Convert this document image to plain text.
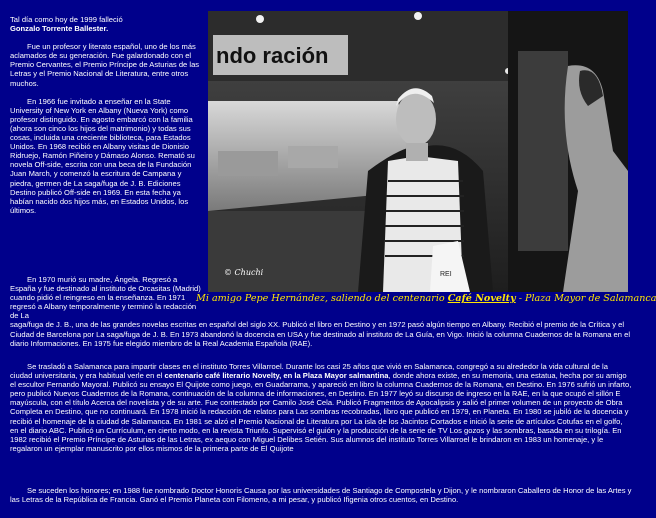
Tal día como hoy de 1999 falleció
Gonzalo Torrente Ballester.

Fue un profesor y literato español, uno de los más aclamados de su generación. Fue galardonado con el Premio Cervantes, el Premio Príncipe de Asturias de las Letras y el Premio Nacional de Literatura, entre otros muchos.

En 1966 fue invitado a enseñar en la State University of New York en Albany (Nueva York) como profesor distinguido. En agosto embarcó con la familia (ahora son cinco los hijos del matrimonio) y todas sus cosas, incluida una creciente biblioteca, para Estados Unidos. En 1968 recibió en Albany visitas de Dionisio Ridruejo, Ramón Piñeiro y Dámaso Alonso. Remató su novela Off-side, escrita con una beca de la Fundación Juan March, y comenzó la escritura de Campana y piedra, germen de La saga/fuga de J. B. Ediciones Destino publicó Off-side en 1969. En esta fecha ya habían nacido dos hijos más, en Estados Unidos, los últimos.

ndo ración
REI
© Chuchi
Mi amigo Pepe Hernández, saliendo del centenario Café Novelty - Plaza Mayor de Salamanca

En 1970 murió su madre, Ángela. Regresó a España y fue destinado al instituto de Orcasitas (Madrid) cuando pidió el reingreso en la enseñanza. En 1971 regresó a Albany temporalmente y terminó la redacción de La
saga/fuga de J. B., una de las grandes novelas escritas en español del siglo XX. Publicó el libro en Destino y en 1972 pasó algún tiempo en Albany. Recibió el premio de la Crítica y el Ciudad de Barcelona por La saga/fuga de J. B. En 1973 abandonó la docencia en USA y fue destinado al instituto de La Guía, en Vigo. Inició la columna Cuadernos de la Romana en el diario Informaciones. En 1975 fue elegido miembro de la Real Academia Española (RAE).

Se trasladó a Salamanca para impartir clases en el instituto Torres Villarroel. Durante los casi 25 años que vivió en Salamanca, congregó a su alrededor la vida cultural de la ciudad universitaria, y era habitual verle en el centenario café literario Novelty, en la Plaza Mayor salmantina, donde ahora existe, en su memoria, una estatua, hecha por su amigo el escultor Fernando Mayoral. Publicó su ensayo El Quijote como juego, en Guadarrama, y apareció en libro la columna Cuadernos de la Romana, en Destino. En 1976 sufrió un infarto, pero publicó Nuevos Cuadernos de la Romana, continuación de la columna de informaciones, en Destino. En 1977 leyó su discurso de ingreso en la RAE, en la que ocupó el sillón E mayúscula, con el título Acerca del novelista y de su arte. Fue contestado por Camilo José Cela. Publicó Fragmentos de Apocalipsis y salió el primer volumen de un proyecto de Obra Completa en Destino, que no continuará. En 1978 inició la redacción de relatos para Las sombras recobradas, libro que publicó en 1979, en Planeta. En 1980 se jubiló de la docencia y recibió el homenaje de la ciudad de Salamanca. En 1981 se alzó el Premio Nacional de Literatura por La isla de los Jacintos Cortados e inició la serie de artículos Cotufas en el golfo, en el diario ABC. Publicó un Currículum, en cierto modo, en la revista Triunfo. Supervisó el guión y la producción de la serie de TV Los gozos y las sombras, basada en su trilogía. En 1982 recibió el Premio Príncipe de Asturias de las Letras, ex aequo con Miguel Delibes Setién. Sus alumnos del instituto Torres Villarroel le brindaron en 1983 un homenaje, y le regalaron un ejemplar manuscrito por ellos mismos de la primera parte de El Quijote

Se suceden los honores; en 1988 fue nombrado Doctor Honoris Causa por las universidades de Santiago de Compostela y Dijon, y le nombraron Caballero de Honor de las Artes y las Letras de la República de Francia. Ganó el Premio Planeta con Filomeno, a mi pesar, y publicó Ifigenia otros cuentos, en Destino.
